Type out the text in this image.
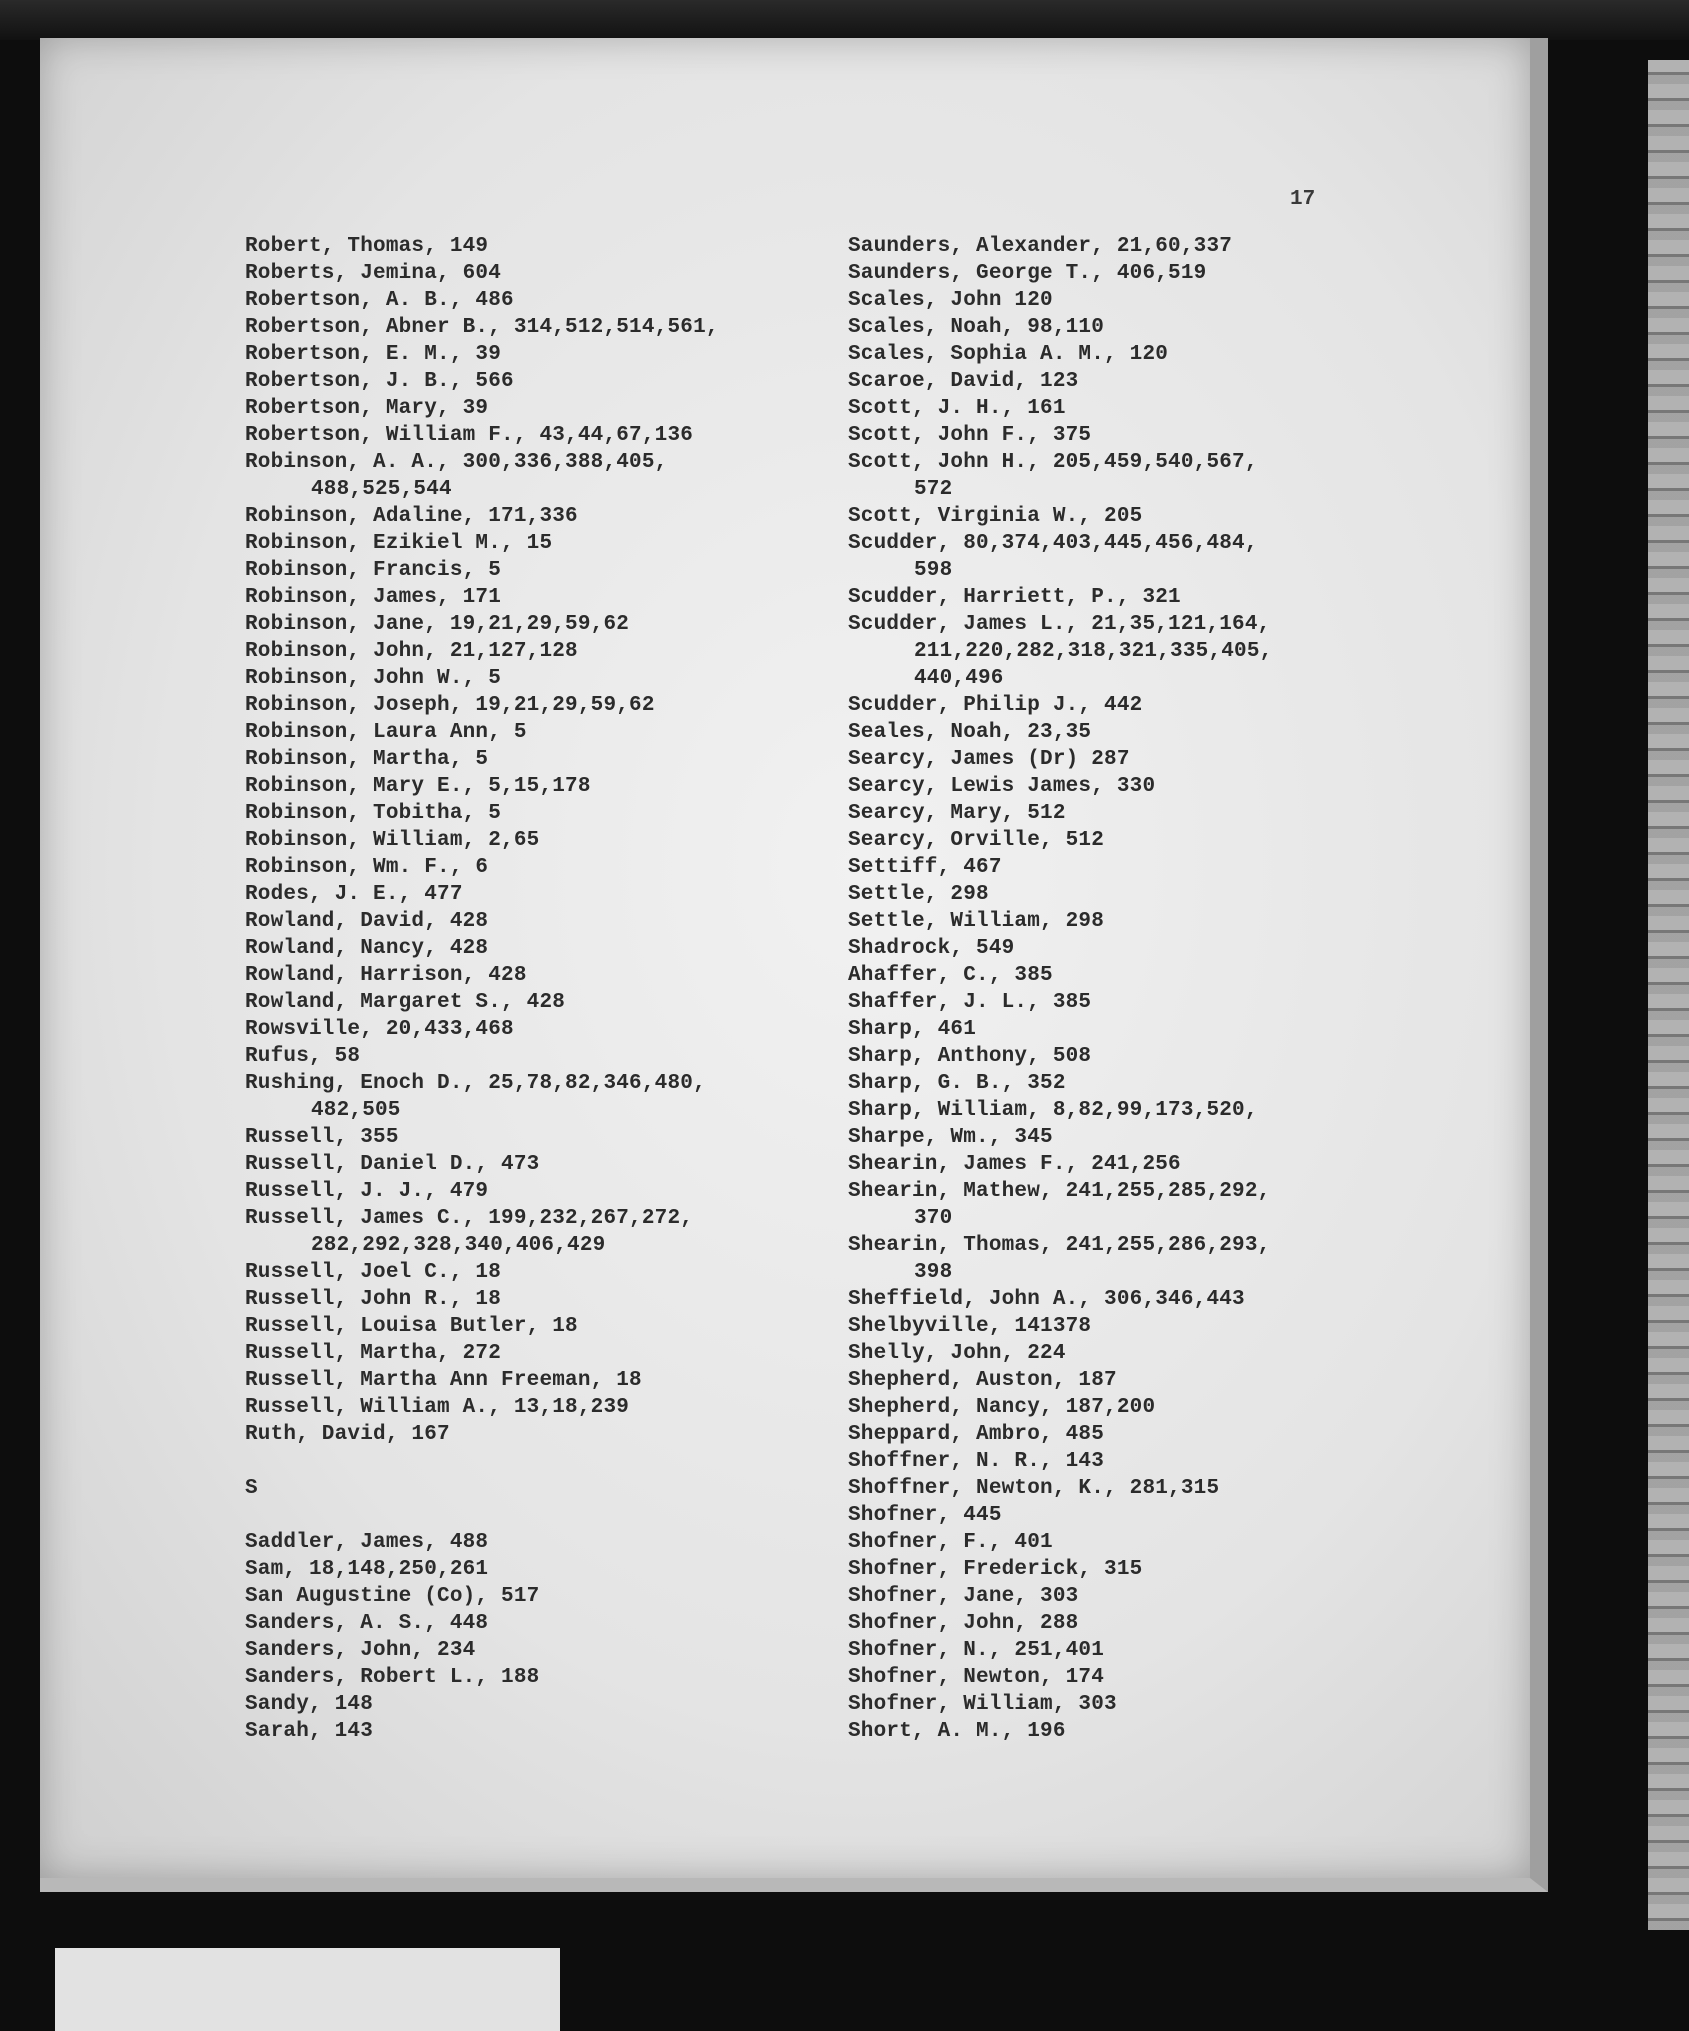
17
Robert, Thomas, 149
Roberts, Jemina, 604
Robertson, A. B., 486
Robertson, Abner B., 314,512,514,561,
Robertson, E. M., 39
Robertson, J. B., 566
Robertson, Mary, 39
Robertson, William F., 43,44,67,136
Robinson, A. A., 300,336,388,405,
488,525,544
Robinson, Adaline, 171,336
Robinson, Ezikiel M., 15
Robinson, Francis, 5
Robinson, James, 171
Robinson, Jane, 19,21,29,59,62
Robinson, John, 21,127,128
Robinson, John W., 5
Robinson, Joseph, 19,21,29,59,62
Robinson, Laura Ann, 5
Robinson, Martha, 5
Robinson, Mary E., 5,15,178
Robinson, Tobitha, 5
Robinson, William, 2,65
Robinson, Wm. F., 6
Rodes, J. E., 477
Rowland, David, 428
Rowland, Nancy, 428
Rowland, Harrison, 428
Rowland, Margaret S., 428
Rowsville, 20,433,468
Rufus, 58
Rushing, Enoch D., 25,78,82,346,480,
482,505
Russell, 355
Russell, Daniel D., 473
Russell, J. J., 479
Russell, James C., 199,232,267,272,
282,292,328,340,406,429
Russell, Joel C., 18
Russell, John R., 18
Russell, Louisa Butler, 18
Russell, Martha, 272
Russell, Martha Ann Freeman, 18
Russell, William A., 13,18,239
Ruth, David, 167
S
Saddler, James, 488
Sam, 18,148,250,261
San Augustine (Co), 517
Sanders, A. S., 448
Sanders, John, 234
Sanders, Robert L., 188
Sandy, 148
Sarah, 143
Saunders, Alexander, 21,60,337
Saunders, George T., 406,519
Scales, John 120
Scales, Noah, 98,110
Scales, Sophia A. M., 120
Scaroe, David, 123
Scott, J. H., 161
Scott, John F., 375
Scott, John H., 205,459,540,567,
572
Scott, Virginia W., 205
Scudder, 80,374,403,445,456,484,
598
Scudder, Harriett, P., 321
Scudder, James L., 21,35,121,164,
211,220,282,318,321,335,405,
440,496
Scudder, Philip J., 442
Seales, Noah, 23,35
Searcy, James (Dr) 287
Searcy, Lewis James, 330
Searcy, Mary, 512
Searcy, Orville, 512
Settiff, 467
Settle, 298
Settle, William, 298
Shadrock, 549
Ahaffer, C., 385
Shaffer, J. L., 385
Sharp, 461
Sharp, Anthony, 508
Sharp, G. B., 352
Sharp, William, 8,82,99,173,520,
Sharpe, Wm., 345
Shearin, James F., 241,256
Shearin, Mathew, 241,255,285,292,
370
Shearin, Thomas, 241,255,286,293,
398
Sheffield, John A., 306,346,443
Shelbyville, 141378
Shelly, John, 224
Shepherd, Auston, 187
Shepherd, Nancy, 187,200
Sheppard, Ambro, 485
Shoffner, N. R., 143
Shoffner, Newton, K., 281,315
Shofner, 445
Shofner, F., 401
Shofner, Frederick, 315
Shofner, Jane, 303
Shofner, John, 288
Shofner, N., 251,401
Shofner, Newton, 174
Shofner, William, 303
Short, A. M., 196
